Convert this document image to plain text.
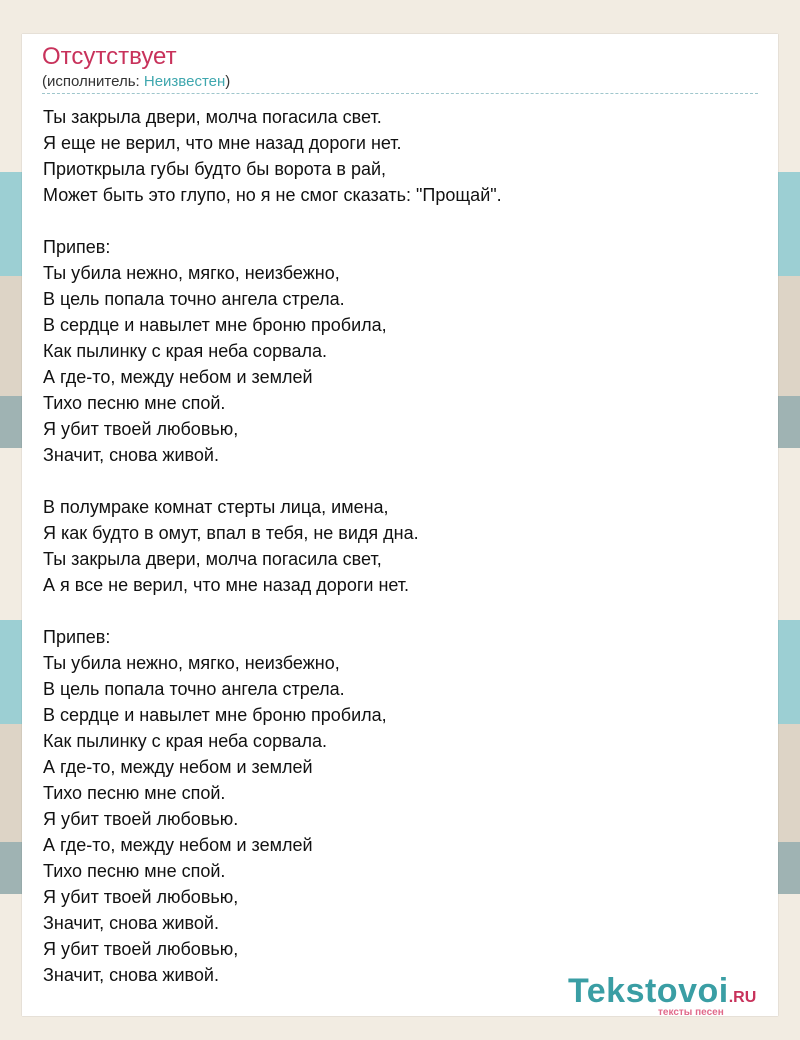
Отсутствует
(исполнитель: Неизвестен)
Ты закрыла двери, молча погасила свет.
Я еще не верил, что мне назад дороги нет.
Приоткрыла губы будто бы ворота в рай,
Может быть это глупо, но я не смог сказать: "Прощай".
Припев:
Ты убила нежно, мягко, неизбежно,
В цель попала точно ангела стрела.
В сердце и навылет мне броню пробила,
Как пылинку с края неба сорвала.
А где-то, между небом и землей
Тихо песню мне спой.
Я убит твоей любовью,
Значит, снова живой.
В полумраке комнат стерты лица, имена,
Я как будто в омут, впал в тебя, не видя дна.
Ты закрыла двери, молча погасила свет,
А я все не верил, что мне назад дороги нет.
Припев:
Ты убила нежно, мягко, неизбежно,
В цель попала точно ангела стрела.
В сердце и навылет мне броню пробила,
Как пылинку с края неба сорвала.
А где-то, между небом и землей
Тихо песню мне спой.
Я убит твоей любовью.
А где-то, между небом и землей
Тихо песню мне спой.
Я убит твоей любовью,
Значит, снова живой.
Я убит твоей любовью,
Значит, снова живой.	Tekstovoi.RU
тексты песен
